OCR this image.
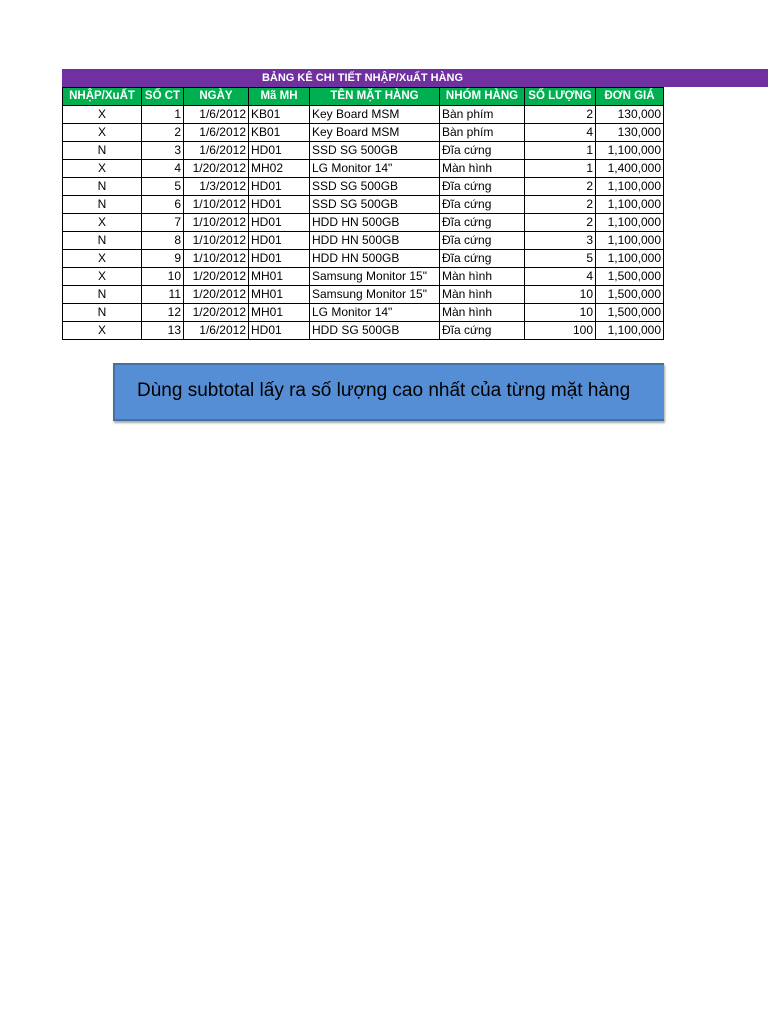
BẢNG KÊ CHI TIẾT NHẬP/XuẤT HÀNG
NHẬP/XuẤT	SỐ CT	NGÀY	Mã MH	TÊN MẶT HÀNG	NHÓM HÀNG	SỐ LƯỢNG	ĐƠN GIÁ
X	1	1/6/2012	KB01	Key Board MSM	Bàn phím	2	130,000
X	2	1/6/2012	KB01	Key Board MSM	Bàn phím	4	130,000
N	3	1/6/2012	HD01	SSD SG 500GB	Đĩa cứng	1	1,100,000
X	4	1/20/2012	MH02	LG Monitor 14"	Màn hình	1	1,400,000
N	5	1/3/2012	HD01	SSD SG 500GB	Đĩa cứng	2	1,100,000
N	6	1/10/2012	HD01	SSD SG 500GB	Đĩa cứng	2	1,100,000
X	7	1/10/2012	HD01	HDD HN 500GB	Đĩa cứng	2	1,100,000
N	8	1/10/2012	HD01	HDD HN 500GB	Đĩa cứng	3	1,100,000
X	9	1/10/2012	HD01	HDD HN 500GB	Đĩa cứng	5	1,100,000
X	10	1/20/2012	MH01	Samsung Monitor 15"	Màn hình	4	1,500,000
N	11	1/20/2012	MH01	Samsung Monitor 15"	Màn hình	10	1,500,000
N	12	1/20/2012	MH01	LG Monitor 14"	Màn hình	10	1,500,000
X	13	1/6/2012	HD01	HDD SG 500GB	Đĩa cứng	100	1,100,000
Dùng subtotal lấy ra số lượng cao nhất của từng mặt hàng
